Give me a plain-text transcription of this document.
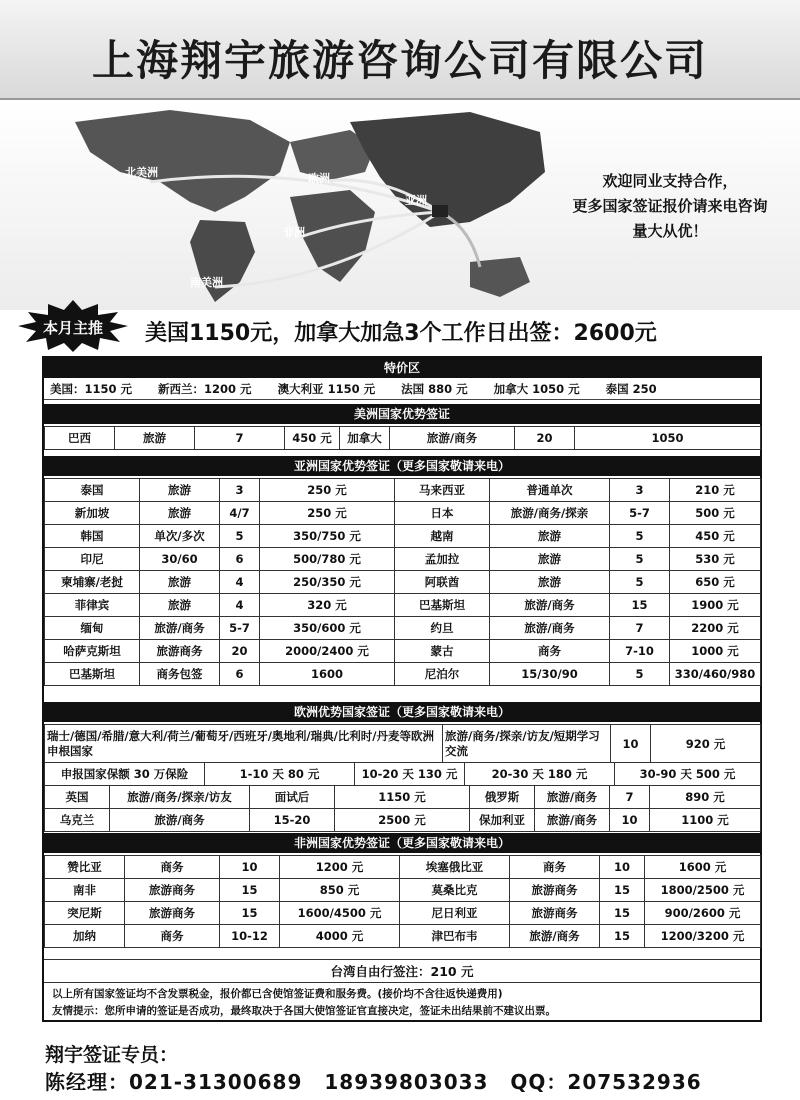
上海翔宇旅游咨询公司有限公司
北美洲	欧洲
亚洲
非洲
南美洲
欢迎同业支持合作，
更多国家签证报价请来电咨询
量大从优！
本月主推	美国1150元，加拿大加急3个工作日出签：2600元
特价区
美国：1150 元 新西兰：1200 元 澳大利亚 1150 元 法国 880 元 加拿大 1050 元 泰国 250
美洲国家优势签证
巴西	旅游	7	450 元	加拿大	旅游/商务	20	1050
亚洲国家优势签证（更多国家敬请来电）
泰国	旅游	3	250 元	马来西亚	普通单次	3	210 元
新加坡	旅游	4/7	250 元	日本	旅游/商务/探亲	5-7	500 元
韩国	单次/多次	5	350/750 元	越南	旅游	5	450 元
印尼	30/60	6	500/780 元	孟加拉	旅游	5	530 元
柬埔寨/老挝	旅游	4	250/350 元	阿联酋	旅游	5	650 元
菲律宾	旅游	4	320 元	巴基斯坦	旅游/商务	15	1900 元
缅甸	旅游/商务	5-7	350/600 元	约旦	旅游/商务	7	2200 元
哈萨克斯坦	旅游商务	20	2000/2400 元	蒙古	商务	7-10	1000 元
巴基斯坦	商务包签	6	1600	尼泊尔	15/30/90	5	330/460/980
欧洲优势国家签证（更多国家敬请来电）
瑞士/德国/希腊/意大利/荷兰/葡萄牙/西班牙/奥地利/瑞典/比利时/丹麦等欧洲申根国家	旅游/商务/探亲/访友/短期学习交流	10	920 元
申报国家保额 30 万保险	1-10 天 80 元	10-20 天 130 元	20-30 天 180 元	30-90 天 500 元
英国	旅游/商务/探亲/访友	面试后	1150 元	俄罗斯	旅游/商务	7	890 元
乌克兰	旅游/商务	15-20	2500 元	保加利亚	旅游/商务	10	1100 元
非洲国家优势签证（更多国家敬请来电）
赞比亚	商务	10	1200 元	埃塞俄比亚	商务	10	1600 元
南非	旅游商务	15	850 元	莫桑比克	旅游商务	15	1800/2500 元
突尼斯	旅游商务	15	1600/4500 元	尼日利亚	旅游商务	15	900/2600 元
加纳	商务	10-12	4000 元	津巴布韦	旅游/商务	15	1200/3200 元
台湾自由行签注：210 元
以上所有国家签证均不含发票税金，报价都已含使馆签证费和服务费。(接价均不含往返快递费用)
友情提示：您所申请的签证是否成功，最终取决于各国大使馆签证官直接决定，签证未出结果前不建议出票。
翔宇签证专员：
陈经理：021-31300689 18939803033 QQ：207532936
